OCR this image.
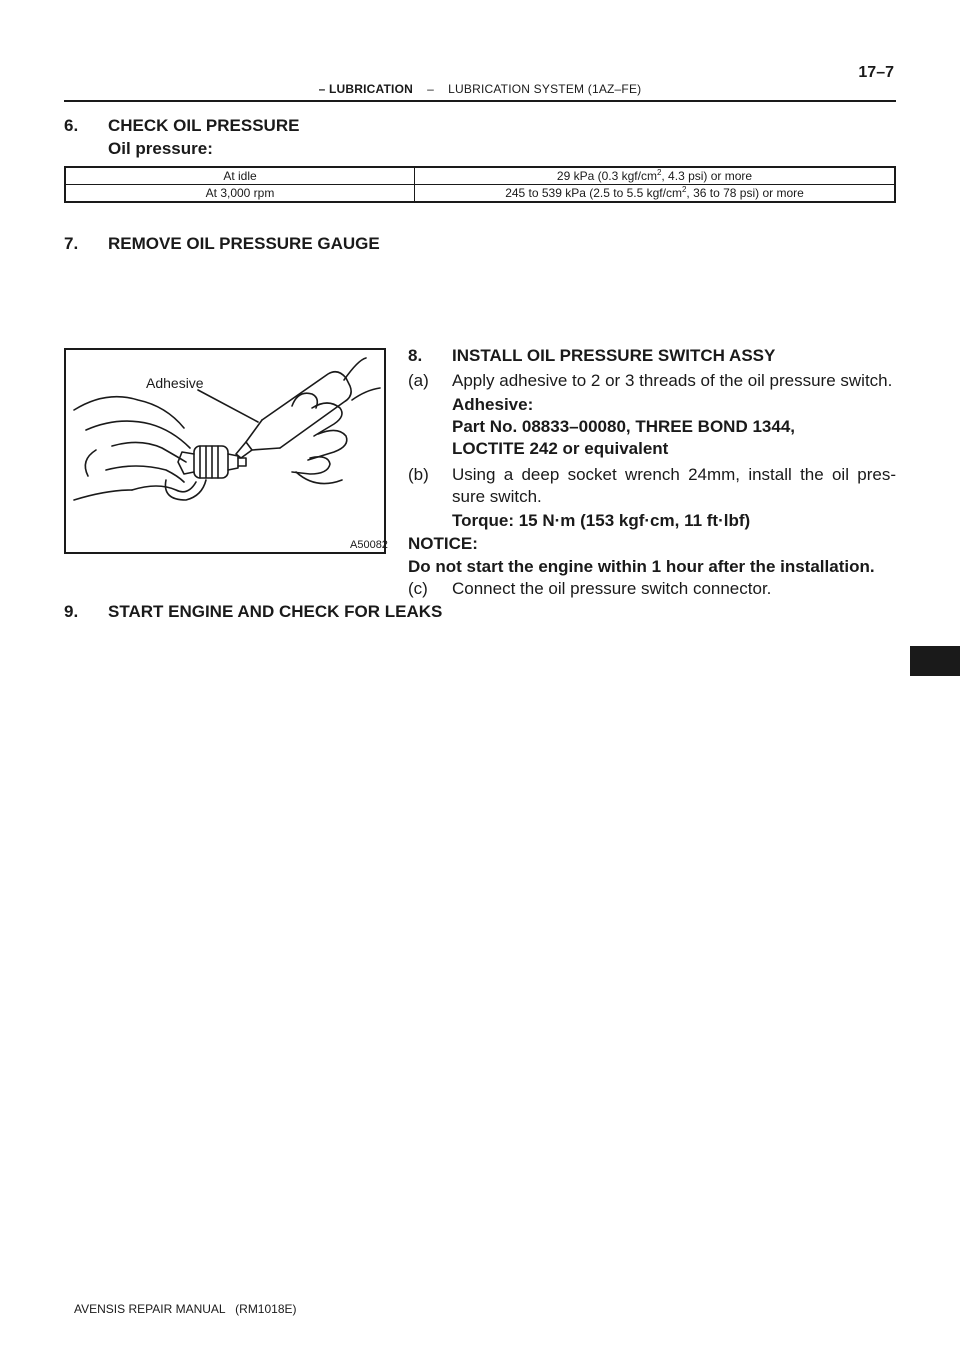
17–7
– LUBRICATION – LUBRICATION SYSTEM (1AZ–FE)
6. CHECK OIL PRESSURE
Oil pressure:
At idle	29 kPa (0.3 kgf/$cm^2$, 4.3 psi) or more
At 3,000 rpm	245 to 539 kPa (2.5 to 5.5 kgf/$cm^2$, 36 to 78 psi) or more
7. REMOVE OIL PRESSURE GAUGE
Adhesive
A50082
8. INSTALL OIL PRESSURE SWITCH ASSY
(a) Apply adhesive to 2 or 3 threads of the oil pressure switch.
Adhesive:
Part No. 08833–00080, THREE BOND 1344,
LOCTITE 242 or equivalent
(b)	Using a deep socket wrench 24mm, install the oil pres-
sure switch.
Torque: 15 N·m (153 kgf·cm, 11 ft·lbf)
NOTICE:
Do not start the engine within 1 hour after the installation.
(c) Connect the oil pressure switch connector.
9. START ENGINE AND CHECK FOR LEAKS
AVENSIS REPAIR MANUAL   (RM1018E)
